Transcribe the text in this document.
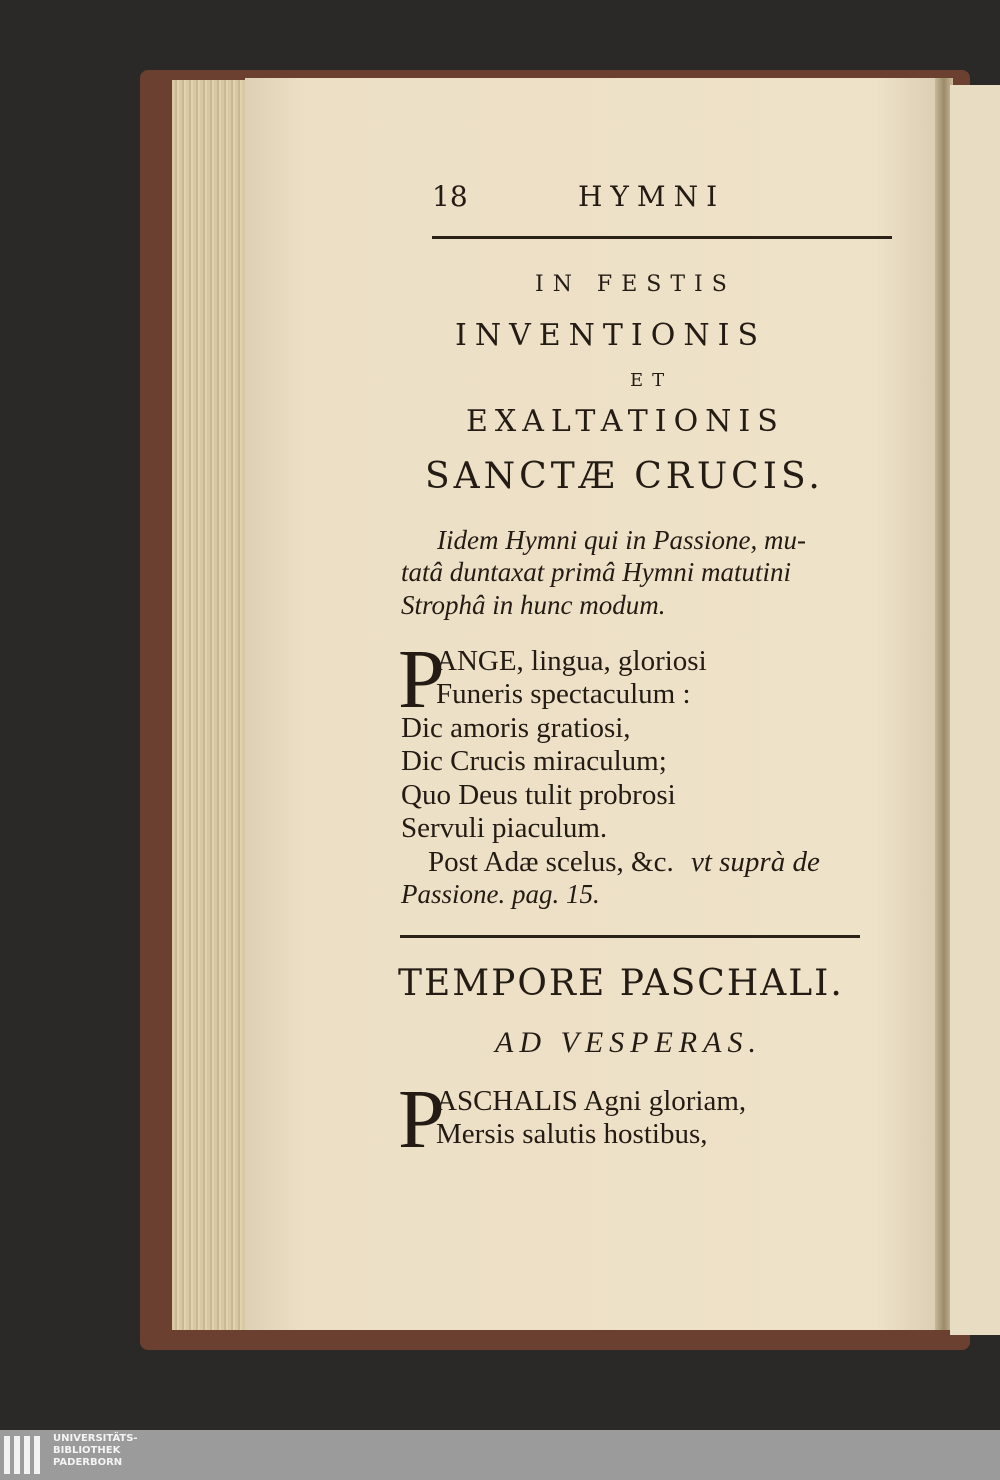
18	HYMNI
IN FESTIS
INVENTIONIS
ET
EXALTATIONIS
SANCTÆ CRUCIS.
Iidem Hymni qui in Passione, mu-
tatâ duntaxat primâ Hymni matutini
Strophâ in hunc modum.
P
ANGE, lingua, gloriosi
Funeris spectaculum :
Dic amoris gratiosi,
Dic Crucis miraculum;
Quo Deus tulit probrosi
Servuli piaculum.
Post Adæ scelus, &c. vt suprà de
Passione. pag. 15.
TEMPORE PASCHALI.
AD VESPERAS.
P
ASCHALIS Agni gloriam,
Mersis salutis hostibus,
UNIVERSITÄTS-
BIBLIOTHEK
PADERBORN
